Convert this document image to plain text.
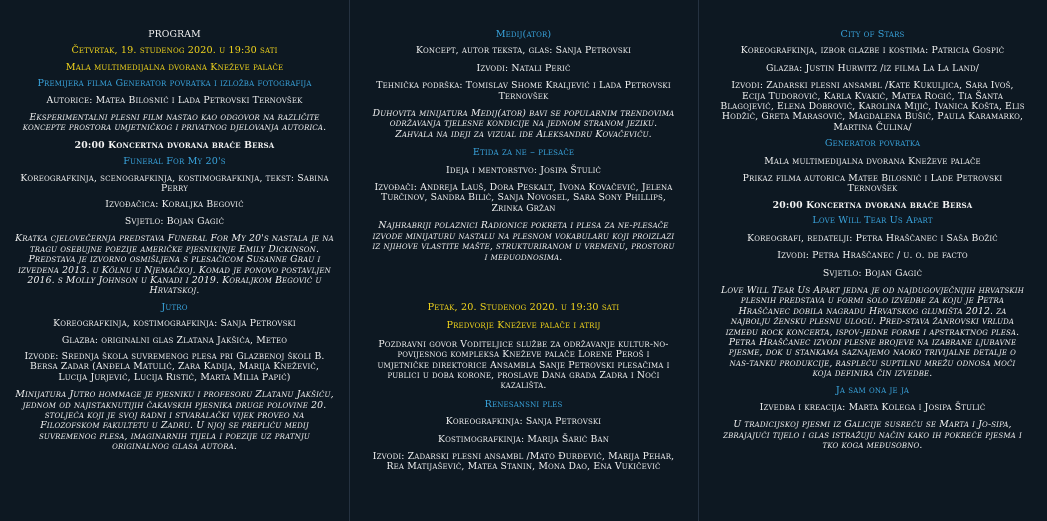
PROGRAM

Četvrtak, 19. studenog 2020. u 19:30 sati

Mala multimedijalna dvorana Kneževe palače

Premijera filma Generator povratka i izložba fotografija

Autorice: Matea Bilosnić i Lada Petrovski Ternovšek

Eksperimentalni plesni film nastao kao odgovor na različite koncepte prostora umjetničkog i privatnog djelovanja autorica.

20:00 Koncertna dvorana braće Bersa

Funeral For My 20's

Koreografkinja, scenografkinja, kostimografkinja, tekst: Sabina Perry

Izvođačica: Koraljka Begović

Svjetlo: Bojan Gagić

Kratka cjelovečernja predstava Funeral For My 20's nastala je na tragu osebujne poezije američke pjesnikinje Emily Dickinson. Predstava je izvorno osmišljena s plesačicom Susanne Grau i izvedena 2013. u Kölnu u Njemačkoj. Komad je ponovo postavljen 2016. s Molly Johnson u Kanadi i 2019. Koraljkom Begović u Hrvatskoj.

Jutro

Koreografkinja, kostimografkinja: Sanja Petrovski

Glazba: originalni glas Zlatana Jakšića, Meteo

Izvode: Srednja škola suvremenog plesa pri Glazbenoj školi B. Bersa Zadar (Anđela Matulić, Zara Kadija, Marija Knežević, Lucija Jurjević, Lucija Ristić, Marta Milia Papić)

Minijatura Jutro hommage je pjesniku i profesoru Zlatanu Jakšiću, jednom od najistaknutijih čakavskih pjesnika druge polovine 20. stoljeća koji je svoj radni i stvaralački vijek proveo na Filozofskom fakultetu u Zadru. U njoj se prepliću medij suvremenog plesa, imaginarnih tijela i poezije uz pratnju originalnog glasa autora.

Medij(ator)

Koncept, autor teksta, glas: Sanja Petrovski

Izvodi: Natali Perić

Tehnička podrška: Tomislav Shome Kraljević i Lada Petrovski Ternovšek

Duhovita minijatura Medij(ator) bavi se popularnim trendovima održavanja tjelesne kondicije na jednom stranom jeziku. Zahvala na ideji za vizual ide Aleksandru Kovačeviću.

Etida za ne – plesače

Ideja i mentorstvo: Josipa Štulić

Izvođači: Andreja Lauš, Dora Peskalt, Ivona Kovačević, Jelena Turčinov, Sandra Bilić, Sanja Novosel, Sara Sony Phillips, Zrinka Gržan

Najhrabriji polaznici Radionice pokreta i plesa za ne-plesače izvode minijaturu nastalu na plesnom vokabularu koji proizlazi iz njihove vlastite mašte, strukturiranom u vremenu, prostoru i međuodnosima.

Petak, 20. Studenog 2020. u 19:30 sati

Predvorje Kneževe palače i atrij

Pozdravni govor Voditeljice službe za održavanje kultur-no-povijesnog kompleksa Kneževe palače Lorene Peroš i umjetničke direktorice Ansambla Sanje Petrovski plesačima i publici u doba korone, proslave Dana grada Zadra i Noći kazališta.

Renesansni ples

Koreografkinja: Sanja Petrovski

Kostimografkinja: Marija Šarić Ban

Izvodi: Zadarski plesni ansambl /Mato Đurđević, Marija Pehar, Rea Matijašević, Matea Stanin, Mona Dao, Ena Vukičević

City of Stars

Koreografkinja, izbor glazbe i kostima: Patricia Gospić

Glazba: Justin Hurwitz /iz filma La La Land/

Izvodi: Zadarski plesni ansambl /Kate Kukuljica, Sara Ivoš, Ecija Tudorović, Karla Kvakić, Matea Rogić, Tia Šanta Blagojević, Elena Dobrović, Karolina Mijić, Ivanica Košta, Elis Hodžić, Greta Marasović, Magdalena Bušić, Paula Karamarko, Martina Čulina/

Generator povratka

Mala multimedijalna dvorana Kneževe palače

Prikaz filma autorica Matee Bilosnić i Lade Petrovski Ternovšek

20:00 Koncertna dvorana braće Bersa

Love Will Tear Us Apart

Koreografi, redatelji: Petra Hraščanec i Saša Božić

Izvodi: Petra Hraščanec / u. o. de facto

Svjetlo: Bojan Gagić

Love Will Tear Us Apart jedna je od najdugovječnijih hrvatskih plesnih predstava u formi solo izvedbe za koju je Petra Hraščanec dobila nagradu Hrvatskog glumišta 2012. za najbolju žensku plesnu ulogu. Pred-stava žanrovski vrluda između rock koncerta, ispov-jedne forme i apstraktnog plesa. Petra Hraščanec izvodi plesne brojeve na izabrane ljubavne pjesme, dok u stankama saznajemo naoko trivijalne detalje o nas-tanku produkcije, raspleću suptilnu mrežu odnosa moći koja definira čin izvedbe.

Ja sam ona je ja

Izvedba i kreacija: Marta Kolega i Josipa Štulić

U tradicijskoj pjesmi iz Galicije susreću se Marta i Jo-sipa, zbrajajući tijelo i glas istražuju način kako ih pokreće pjesma i tko koga međusobno.
